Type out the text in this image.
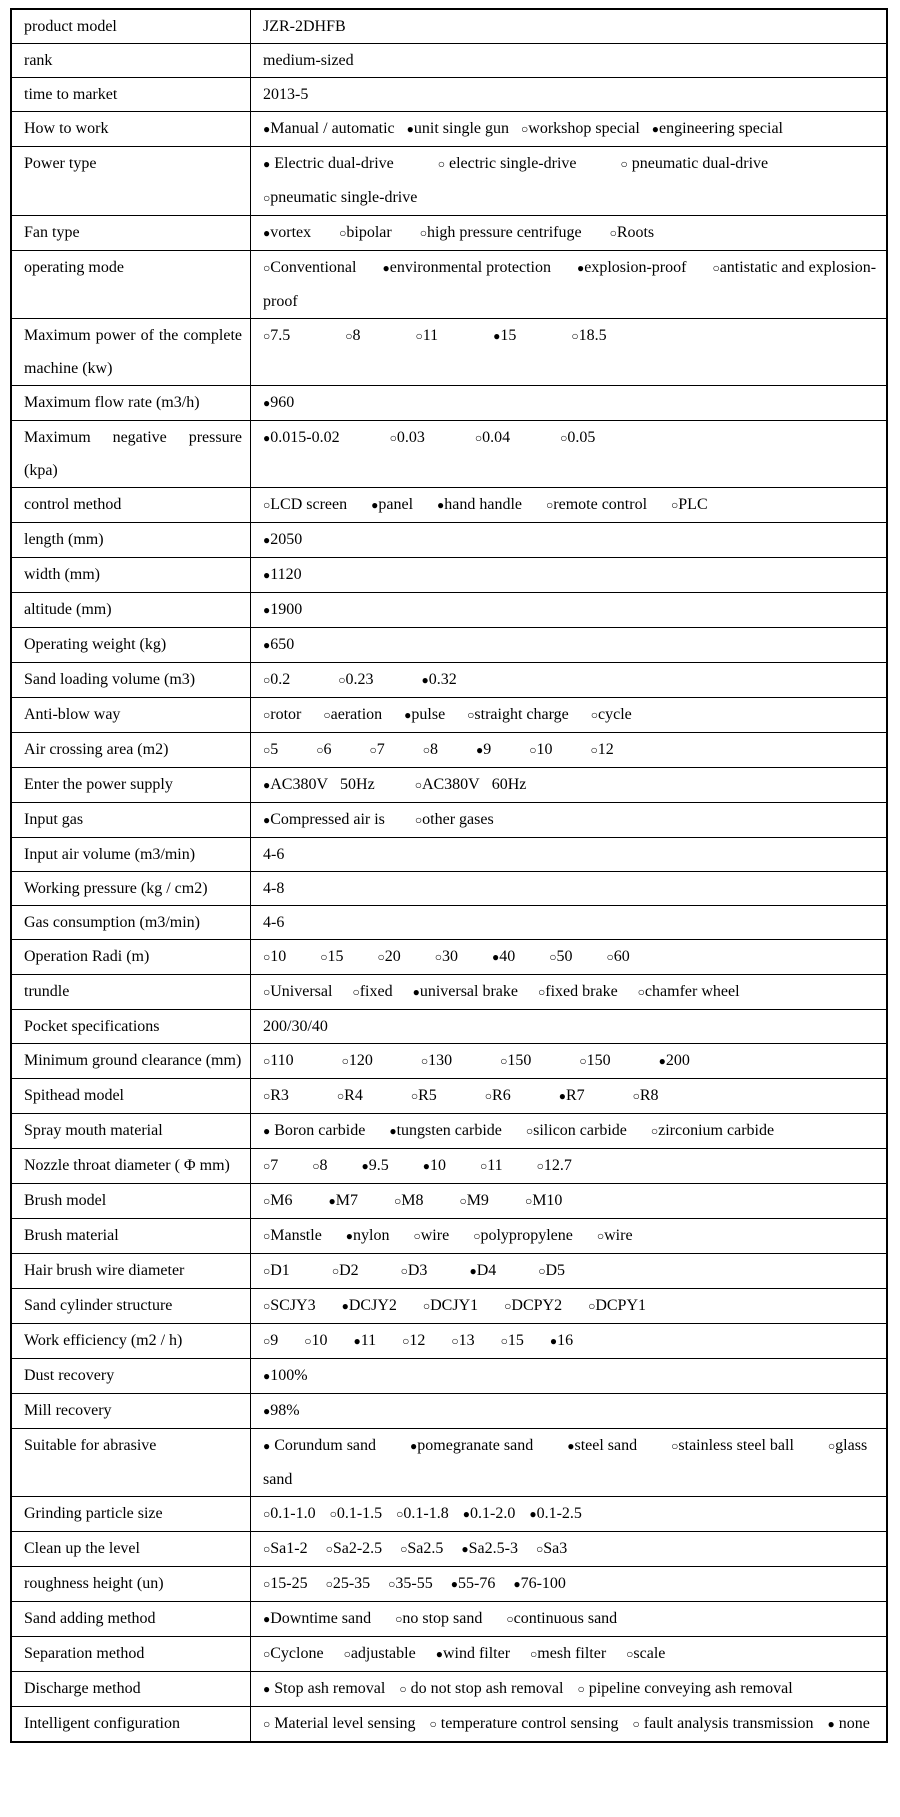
product model	JZR-2DHFB
rank	medium-sized
time to market	2013-5
How to work	●Manual / automatic ●unit single gun ○workshop special ●engineering special
Power type	● Electric dual-drive ○ electric single-drive ○ pneumatic dual-drive○pneumatic single-drive
Fan type	●vortex ○bipolar ○high pressure centrifuge ○Roots
operating mode	○Conventional ●environmental protection ●explosion-proof ○antistatic and explosion-proof
Maximum power of the complete machine (kw)	○7.5 ○8 ○11 ●15 ○18.5
Maximum flow rate (m3/h)	●960
Maximum negative pressure (kpa)	●0.015-0.02 ○0.03 ○0.04 ○0.05
control method	○LCD screen ●panel ●hand handle ○remote control ○PLC
length (mm)	●2050
width (mm)	●1120
altitude (mm)	●1900
Operating weight (kg)	●650
Sand loading volume (m3)	○0.2 ○0.23 ●0.32
Anti-blow way	○rotor ○aeration ●pulse ○straight charge ○cycle
Air crossing area (m2)	○5 ○6 ○7 ○8 ●9 ○10 ○12
Enter the power supply	●AC380V   50Hz ○AC380V   60Hz
Input gas	●Compressed air is ○other gases
Input air volume (m3/min)	4-6
Working pressure (kg / cm2)	4-8
Gas consumption (m3/min)	4-6
Operation Radi (m)	○10 ○15 ○20 ○30 ●40 ○50 ○60
trundle	○Universal ○fixed ●universal brake ○fixed brake ○chamfer wheel
Pocket specifications	200/30/40
Minimum ground clearance (mm)	○110 ○120 ○130 ○150 ○150 ●200
Spithead model	○R3 ○R4 ○R5 ○R6 ●R7 ○R8
Spray mouth material	● Boron carbide ●tungsten carbide ○silicon carbide ○zirconium carbide
Nozzle throat diameter ( Φ mm)	○7 ○8 ●9.5 ●10 ○11 ○12.7
Brush model	○M6 ●M7 ○M8 ○M9 ○M10
Brush material	○Manstle ●nylon ○wire ○polypropylene ○wire
Hair brush wire diameter	○D1 ○D2 ○D3 ●D4 ○D5
Sand cylinder structure	○SCJY3 ●DCJY2 ○DCJY1 ○DCPY2 ○DCPY1
Work efficiency (m2 / h)	○9 ○10 ●11 ○12 ○13 ○15 ●16
Dust recovery	●100%
Mill recovery	●98%
Suitable for abrasive	● Corundum sand ●pomegranate sand ●steel sand ○stainless steel ball ○glass sand
Grinding particle size	○0.1-1.0 ○0.1-1.5 ○0.1-1.8 ●0.1-2.0 ●0.1-2.5
Clean up the level	○Sa1-2 ○Sa2-2.5 ○Sa2.5 ●Sa2.5-3 ○Sa3
roughness height (un)	○15-25 ○25-35 ○35-55 ●55-76 ●76-100
Sand adding method	●Downtime sand ○no stop sand ○continuous sand
Separation method	○Cyclone ○adjustable ●wind filter ○mesh filter ○scale
Discharge method	● Stop ash removal ○ do not stop ash removal ○ pipeline conveying ash removal
Intelligent configuration	○ Material level sensing ○ temperature control sensing ○ fault analysis transmission ● none
